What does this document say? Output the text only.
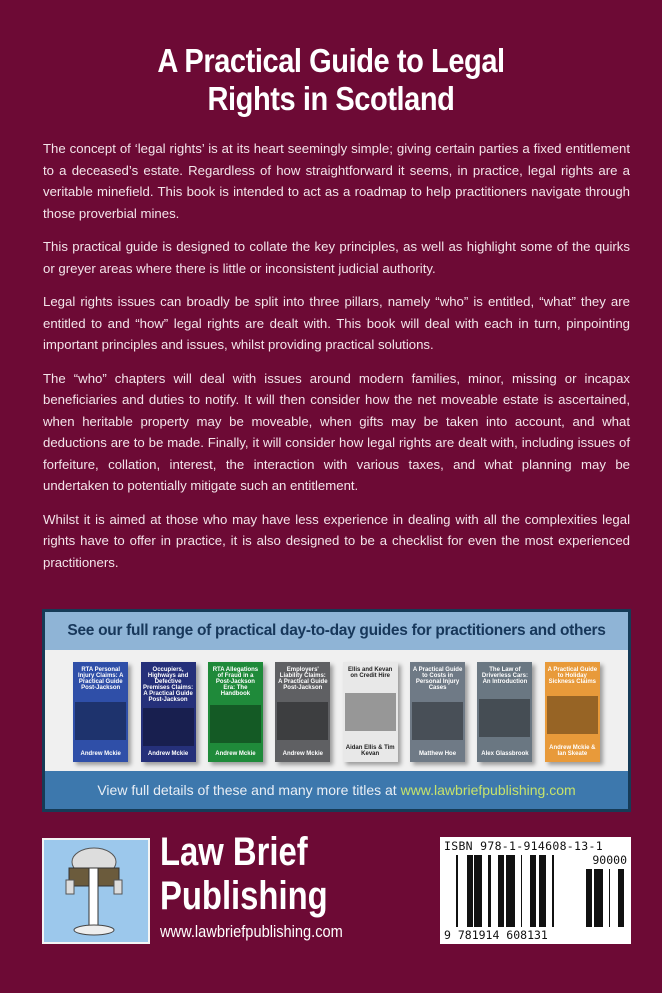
A Practical Guide to Legal
Rights in Scotland

The concept of ‘legal rights’ is at its heart seemingly simple; giving certain parties a fixed entitlement to a deceased’s estate. Regardless of how straightforward it seems, in practice, legal rights are a veritable minefield. This book is intended to act as a roadmap to help practitioners navigate through those proverbial mines.

This practical guide is designed to collate the key principles, as well as highlight some of the quirks or greyer areas where there is little or inconsistent judicial authority.

Legal rights issues can broadly be split into three pillars, namely “who” is entitled, “what” they are entitled to and “how” legal rights are dealt with. This book will deal with each in turn, pinpointing important principles and issues, whilst providing practical solutions.

The “who” chapters will deal with issues around modern families, minor, missing or incapax beneficiaries and duties to notify. It will then consider how the net moveable estate is ascertained, when heritable property may be moveable, when gifts may be taken into account, and what deductions are to be made. Finally, it will consider how legal rights are dealt with, including issues of forfeiture, collation, interest, the interaction with various taxes, and what planning may be undertaken to potentially mitigate such an entitlement.

Whilst it is aimed at those who may have less experience in dealing with all the complexities legal rights have to offer in practice, it is also designed to be a checklist for even the most experienced practitioners.

See our full range of practical day-to-day guides for practitioners and others
RTA Personal Injury Claims: A Practical Guide Post-Jackson
Andrew Mckie
Occupiers, Highways and Defective Premises Claims: A Practical Guide Post-Jackson
Andrew Mckie
RTA Allegations of Fraud in a Post-Jackson Era: The Handbook
Andrew Mckie
Employers' Liability Claims: A Practical Guide Post-Jackson
Andrew Mckie
Ellis and Kevan on Credit Hire
Aidan Ellis & Tim Kevan
A Practical Guide to Costs in Personal Injury Cases
Matthew Hoe
The Law of Driverless Cars: An Introduction
Alex Glassbrook
A Practical Guide to Holiday Sickness Claims
Andrew Mckie & Ian Skeate
View full details of these and many more titles at www.lawbriefpublishing.com
Law Brief
Publishing
www.lawbriefpublishing.com
ISBN 978-1-914608-13-1
90000
9 781914 608131
